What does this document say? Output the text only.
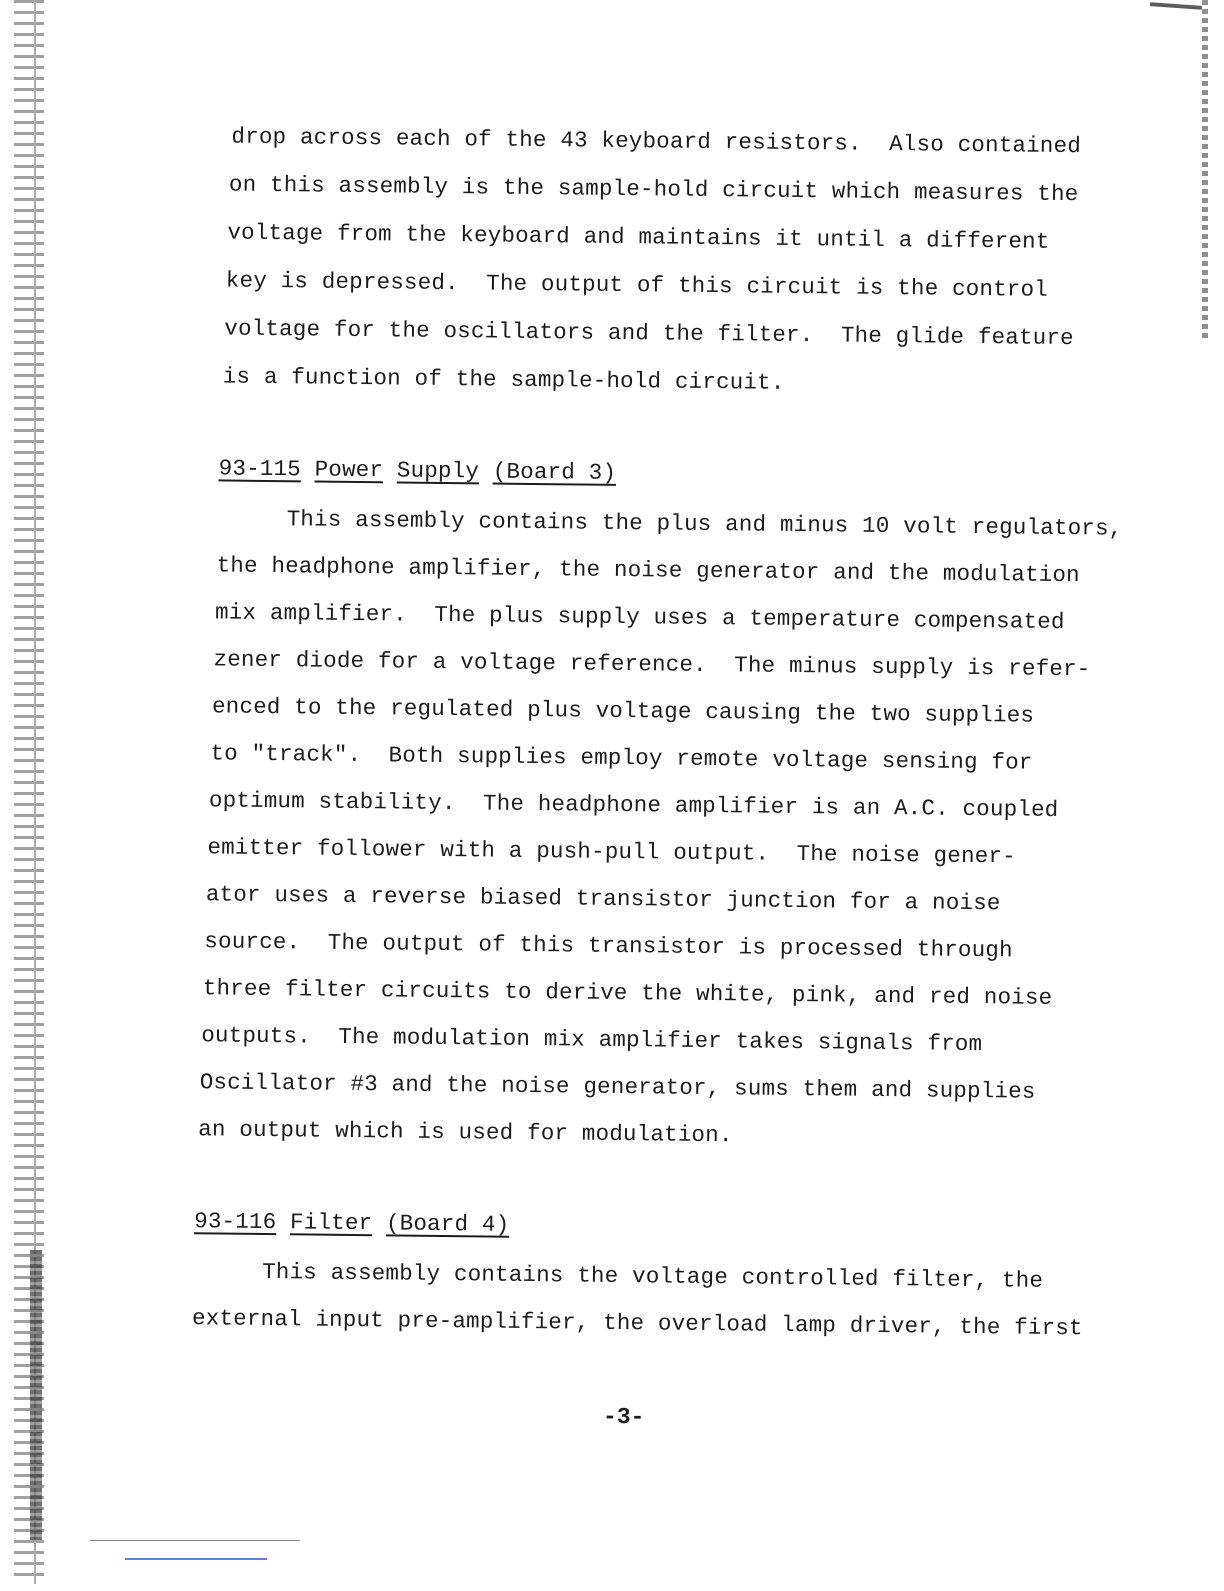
drop across each of the 43 keyboard resistors.  Also contained

on this assembly is the sample-hold circuit which measures the

voltage from the keyboard and maintains it until a different

key is depressed.  The output of this circuit is the control

voltage for the oscillators and the filter.  The glide feature

is a function of the sample-hold circuit.

93-115 Power Supply (Board 3)

This assembly contains the plus and minus 10 volt regulators,

the headphone amplifier, the noise generator and the modulation

mix amplifier.  The plus supply uses a temperature compensated

zener diode for a voltage reference.  The minus supply is refer-

enced to the regulated plus voltage causing the two supplies

to "track".  Both supplies employ remote voltage sensing for

optimum stability.  The headphone amplifier is an A.C. coupled

emitter follower with a push-pull output.  The noise gener-

ator uses a reverse biased transistor junction for a noise

source.  The output of this transistor is processed through

three filter circuits to derive the white, pink, and red noise

outputs.  The modulation mix amplifier takes signals from

Oscillator #3 and the noise generator, sums them and supplies

an output which is used for modulation.

93-116 Filter (Board 4)

This assembly contains the voltage controlled filter, the

external input pre-amplifier, the overload lamp driver, the first

-3-
